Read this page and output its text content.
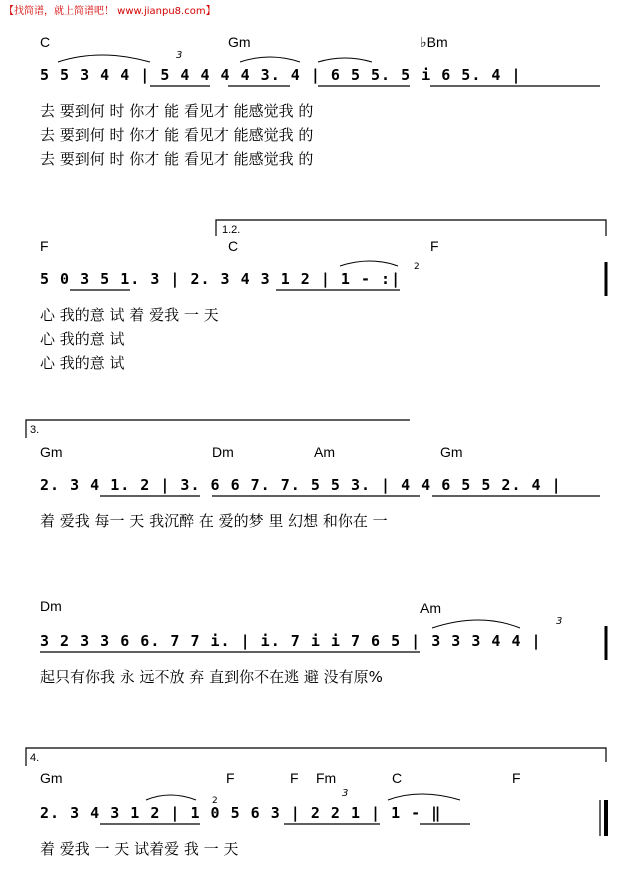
【找简谱，就上简谱吧！ www.jianpu8.com】
C	Gm	♭Bm
5 5 3 4 4 | 5 4 4 4 4 3. 4 | 6 5 5. 5 i 6 5. 4 |
去 要到何 时 你才 能 看见才 能感觉我 的
去 要到何 时 你才 能 看见才 能感觉我 的
去 要到何 时 你才 能 看见才 能感觉我 的
3
1.2.
F	C	F
5 0 3 5 1. 3 | 2. 3 4 3 1 2 | 1 - :|
心 我的意 试 着 爱我 一 天
心 我的意 试
心 我的意 试
2
3.
Gm	Dm	Am	Gm
2. 3 4 1. 2 | 3. 6 6 7. 7. 5 5 3. | 4 4 6 5 5 2. 4 |
着 爱我 每一 天 我沉醉 在 爱的梦 里 幻想 和你在 一
Dm	Am
3 2 3 3 6 6. 7 7 i. | i. 7 i i 7 6 5 | 3 3 3 4 4 |
起只有你我 永 远不放 弃 直到你不在逃 避 没有原%
3
4.
Gm	F	F Fm	C	F
2. 3 4 3 1 2 | 1 0 5 6 3 | 2 2 1 | 1 - ‖
着 爱我 一 天 试着爱 我 一 天
3
2
